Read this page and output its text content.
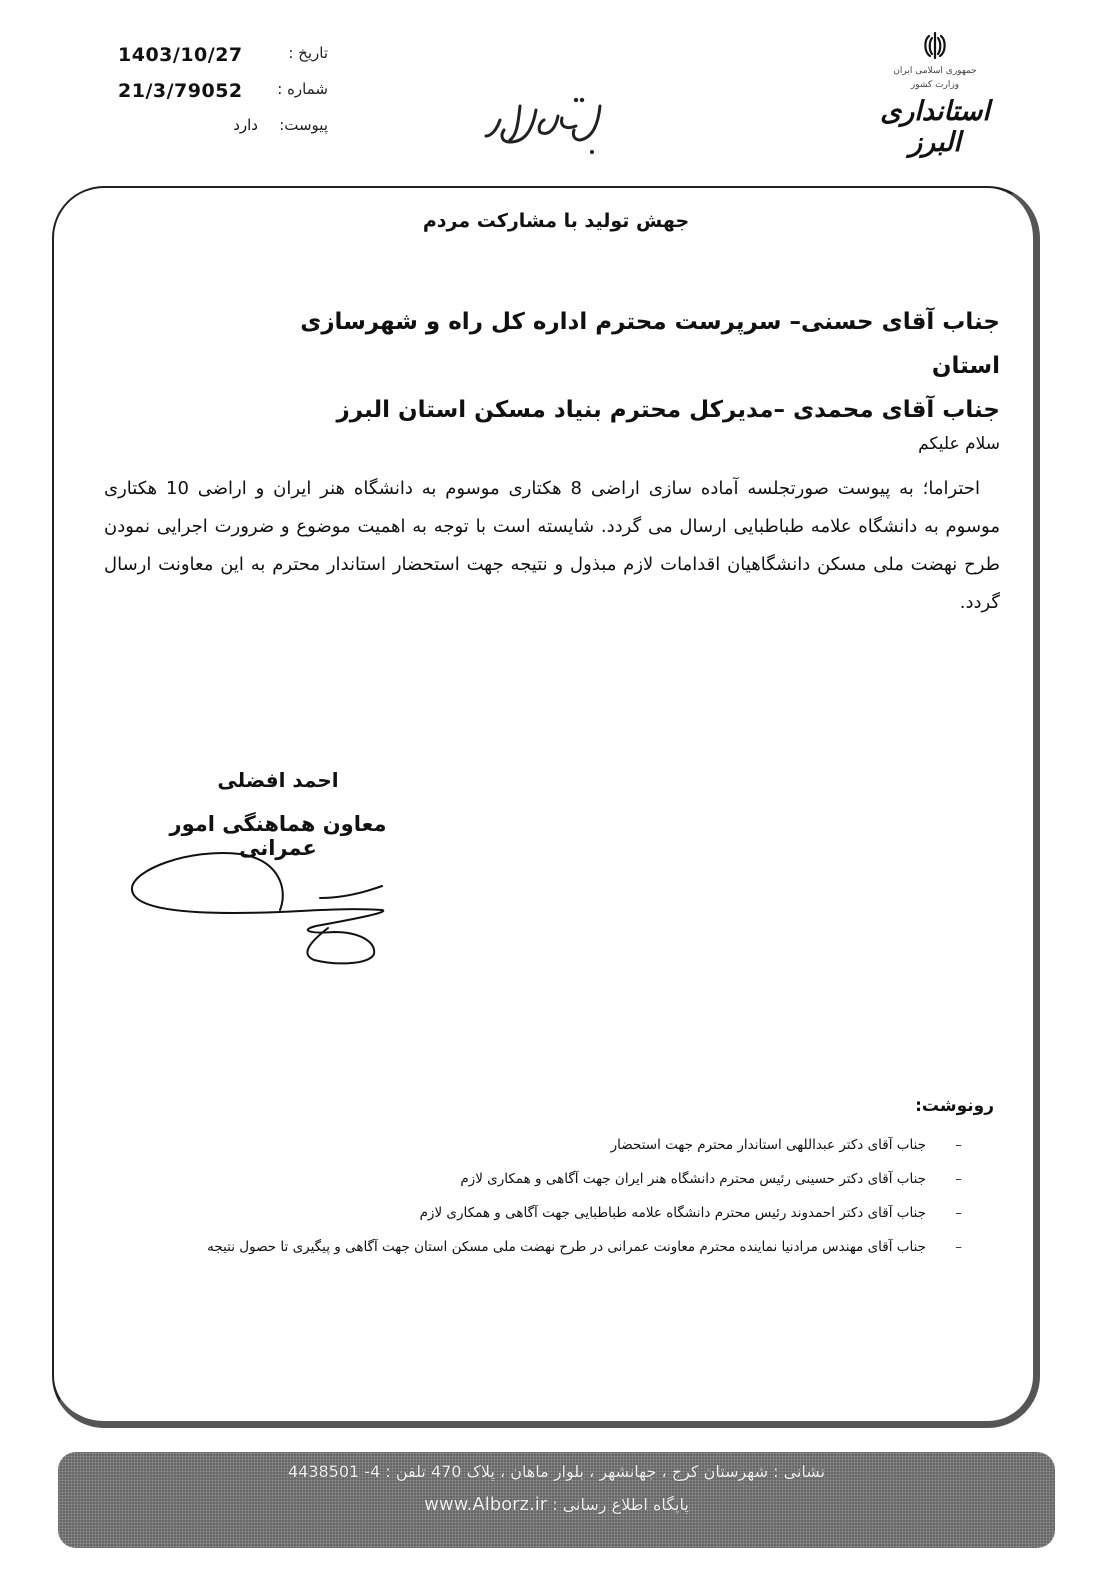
تاریخ :
1403/10/27
شماره :
21/3/79052
پیوست:
دارد
جمهوری اسلامی ایران
وزارت کشور
استانداری البرز
جهش تولید با مشارکت مردم
جناب آقای حسنی– سرپرست محترم اداره کل راه و شهرسازی استان
جناب آقای محمدی –مدیرکل محترم بنیاد مسکن استان البرز
سلام علیکم

احتراما؛ به پیوست صورتجلسه آماده سازی اراضی 8 هکتاری موسوم به دانشگاه هنر ایران و اراضی 10 هکتاری موسوم به دانشگاه علامه طباطبایی ارسال می گردد. شایسته است با توجه به اهمیت موضوع و ضرورت اجرایی نمودن طرح نهضت ملی مسکن دانشگاهیان اقدامات لازم مبذول و نتیجه جهت استحضار استاندار محترم به این معاونت ارسال گردد.

احمد افضلی
معاون هماهنگی امور عمرانی
رونوشت:
–
جناب آقای دکتر عبداللهی استاندار محترم جهت استحضار
–
جناب آقای دکتر حسینی رئیس محترم دانشگاه هنر ایران جهت آگاهی و همکاری لازم
–
جناب آقای دکتر احمدوند رئیس محترم دانشگاه علامه طباطبایی جهت آگاهی و همکاری لازم
–
جناب آقای مهندس مرادنیا نماینده محترم معاونت عمرانی در طرح نهضت ملی مسکن استان جهت آگاهی و پیگیری تا حصول نتیجه
نشانی : شهرستان کرج ، جهانشهر ، بلوار ماهان ، پلاک 470 تلفن : 4- 4438501
پایگاه اطلاع رسانی : www.Alborz.ir
